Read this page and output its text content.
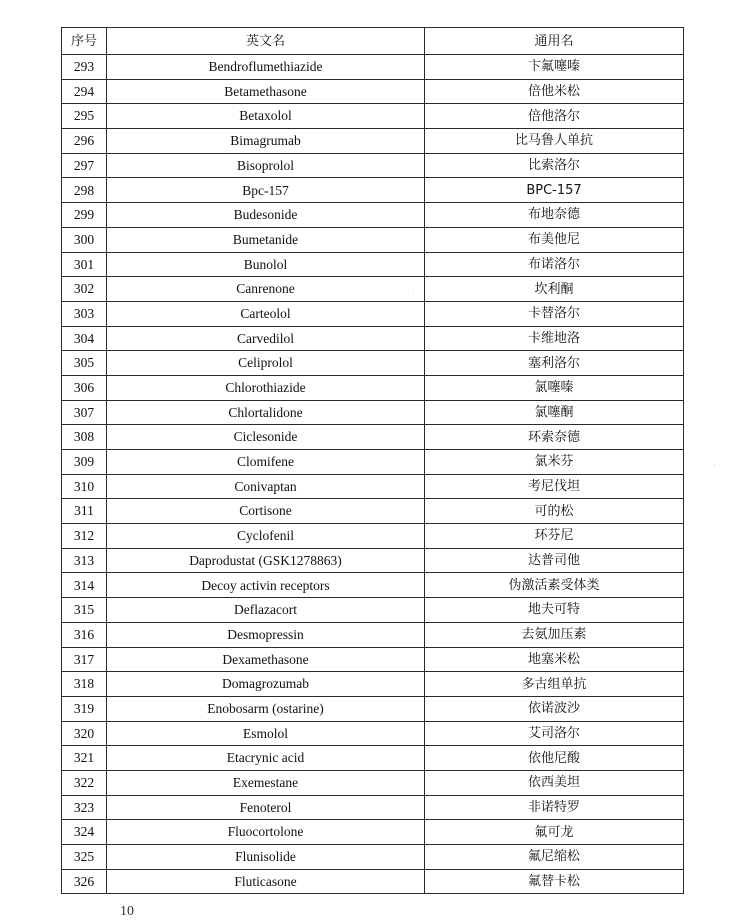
序号	英文名	通用名
293	Bendroflumethiazide	卞氟噻嗪
294	Betamethasone	倍他米松
295	Betaxolol	倍他洛尔
296	Bimagrumab	比马鲁人单抗
297	Bisoprolol	比索洛尔
298	Bpc-157	BPC-157
299	Budesonide	布地奈德
300	Bumetanide	布美他尼
301	Bunolol	布诺洛尔
302	Canrenone	坎利酮
303	Carteolol	卡替洛尔
304	Carvedilol	卡维地洛
305	Celiprolol	塞利洛尔
306	Chlorothiazide	氯噻嗪
307	Chlortalidone	氯噻酮
308	Ciclesonide	环索奈德
309	Clomifene	氯米芬
310	Conivaptan	考尼伐坦
311	Cortisone	可的松
312	Cyclofenil	环芬尼
313	Daprodustat (GSK1278863)	达普司他
314	Decoy activin receptors	伪激活素受体类
315	Deflazacort	地夫可特
316	Desmopressin	去氨加压素
317	Dexamethasone	地塞米松
318	Domagrozumab	多古组单抗
319	Enobosarm (ostarine)	依诺波沙
320	Esmolol	艾司洛尔
321	Etacrynic acid	依他尼酸
322	Exemestane	依西美坦
323	Fenoterol	非诺特罗
324	Fluocortolone	氟可龙
325	Flunisolide	氟尼缩松
326	Fluticasone	氟替卡松
10
·
·
